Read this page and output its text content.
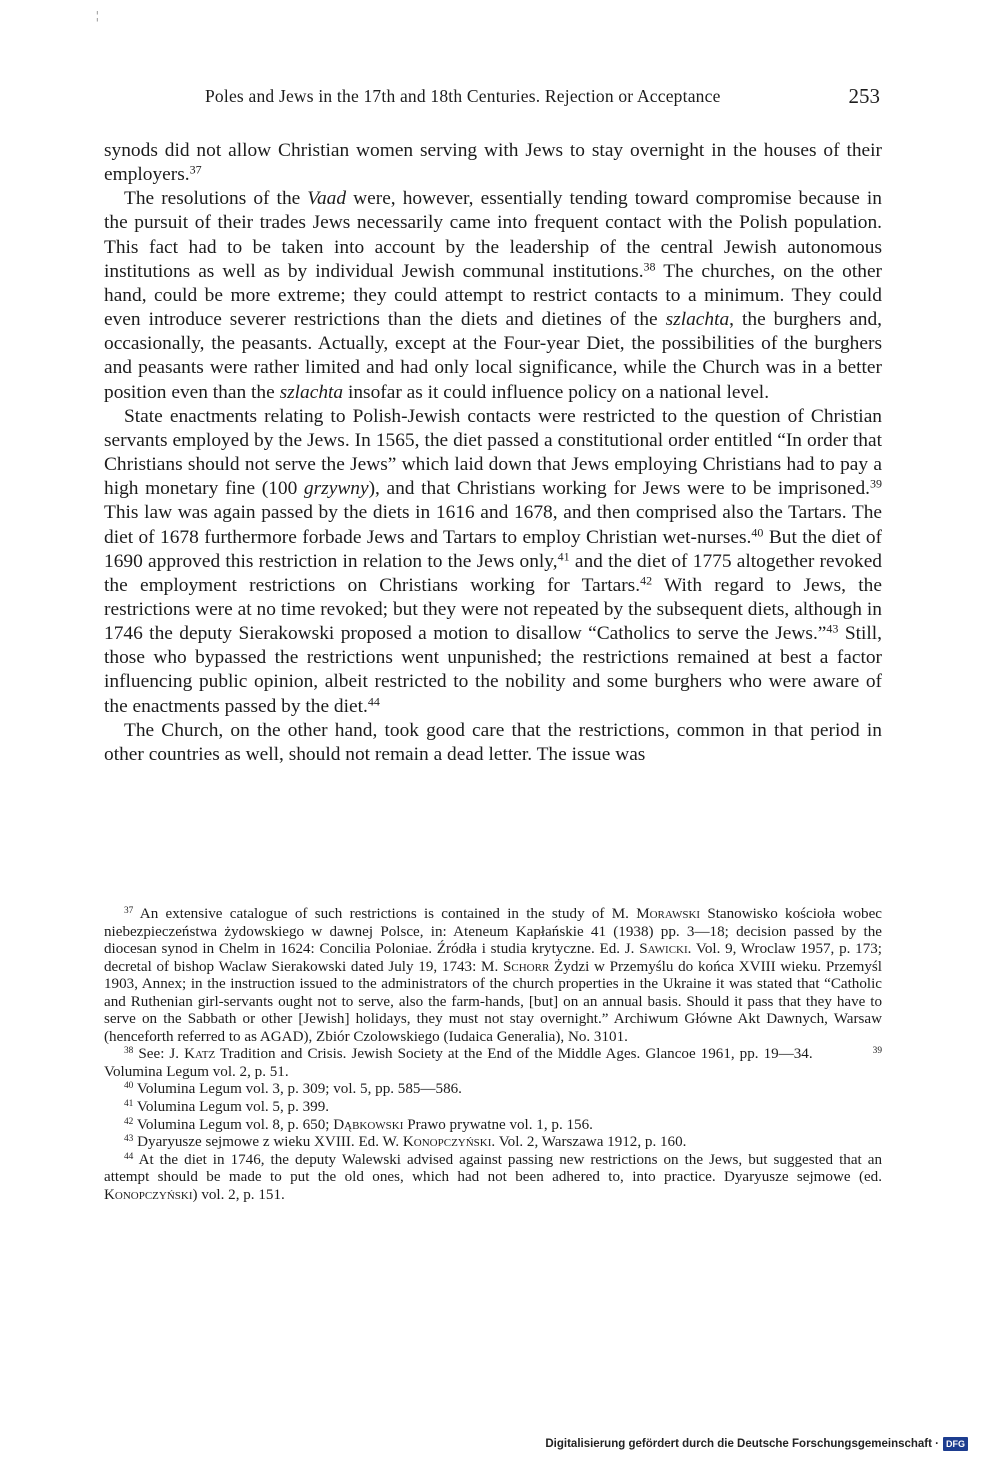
¦
Poles and Jews in the 17th and 18th Centuries. Rejection or Acceptance	253

synods did not allow Christian women serving with Jews to stay overnight in the houses of their employers.$^{37}$

The resolutions of the Vaad were, however, essentially tending toward compromise because in the pursuit of their trades Jews necessarily came into frequent contact with the Polish population. This fact had to be taken into account by the leadership of the central Jewish autonomous institutions as well as by individual Jewish communal institutions.$^{38}$ The churches, on the other hand, could be more extreme; they could attempt to restrict contacts to a minimum. They could even introduce severer restrictions than the diets and dietines of the szlachta, the burghers and, occasionally, the peasants. Actually, except at the Four-year Diet, the possibilities of the burghers and peasants were rather limited and had only local significance, while the Church was in a better position even than the szlachta insofar as it could influence policy on a national level.

State enactments relating to Polish-Jewish contacts were restricted to the question of Christian servants employed by the Jews. In 1565, the diet passed a constitutional order entitled “In order that Christians should not serve the Jews” which laid down that Jews employing Christians had to pay a high monetary fine (100 grzywny), and that Christians working for Jews were to be imprisoned.$^{39}$ This law was again passed by the diets in 1616 and 1678, and then comprised also the Tartars. The diet of 1678 furthermore forbade Jews and Tartars to employ Christian wet-nurses.$^{40}$ But the diet of 1690 approved this restriction in relation to the Jews only,$^{41}$ and the diet of 1775 altogether revoked the employment restrictions on Christians working for Tartars.$^{42}$ With regard to Jews, the restrictions were at no time revoked; but they were not repeated by the subsequent diets, although in 1746 the deputy Sierakowski proposed a motion to disallow “Catholics to serve the Jews.”$^{43}$ Still, those who bypassed the restrictions went unpunished; the restrictions remained at best a factor influencing public opinion, albeit restricted to the nobility and some burghers who were aware of the enactments passed by the diet.$^{44}$

The Church, on the other hand, took good care that the restrictions, common in that period in other countries as well, should not remain a dead letter. The issue was

$^{37}$ An extensive catalogue of such restrictions is contained in the study of M. Morawski Stanowisko kościoła wobec niebezpieczeństwa żydowskiego w dawnej Polsce, in: Ateneum Kapłańskie 41 (1938) pp. 3—18; decision passed by the diocesan synod in Chelm in 1624: Concilia Poloniae. Źródła i studia krytyczne. Ed. J. Sawicki. Vol. 9, Wroclaw 1957, p. 173; decretal of bishop Waclaw Sierakowski dated July 19, 1743: M. Schorr Żydzi w Przemyślu do końca XVIII wieku. Przemyśl 1903, Annex; in the instruction issued to the administrators of the church properties in the Ukraine it was stated that “Catholic and Ruthenian girl-servants ought not to serve, also the farm-hands, [but] on an annual basis. Should it pass that they have to serve on the Sabbath or other [Jewish] holidays, they must not stay overnight.” Archiwum Główne Akt Dawnych, Warsaw (henceforth referred to as AGAD), Zbiór Czolowskiego (Iudaica Generalia), No. 3101.

$^{38}$ See: J. Katz Tradition and Crisis. Jewish Society at the End of the Middle Ages. Glancoe 1961, pp. 19—34.	$^{39}$ Volumina Legum vol. 2, p. 51.

$^{40}$ Volumina Legum vol. 3, p. 309; vol. 5, pp. 585—586.

$^{41}$ Volumina Legum vol. 5, p. 399.

$^{42}$ Volumina Legum vol. 8, p. 650; Dąbkowski Prawo prywatne vol. 1, p. 156.

$^{43}$ Dyaryusze sejmowe z wieku XVIII. Ed. W. Konopczyński. Vol. 2, Warszawa 1912, p. 160.

$^{44}$ At the diet in 1746, the deputy Walewski advised against passing new restrictions on the Jews, but suggested that an attempt should be made to put the old ones, which had not been adhered to, into practice. Dyaryusze sejmowe (ed. Konopczyński) vol. 2, p. 151.

Digitalisierung gefördert durch die Deutsche Forschungsgemeinschaft · DFG
